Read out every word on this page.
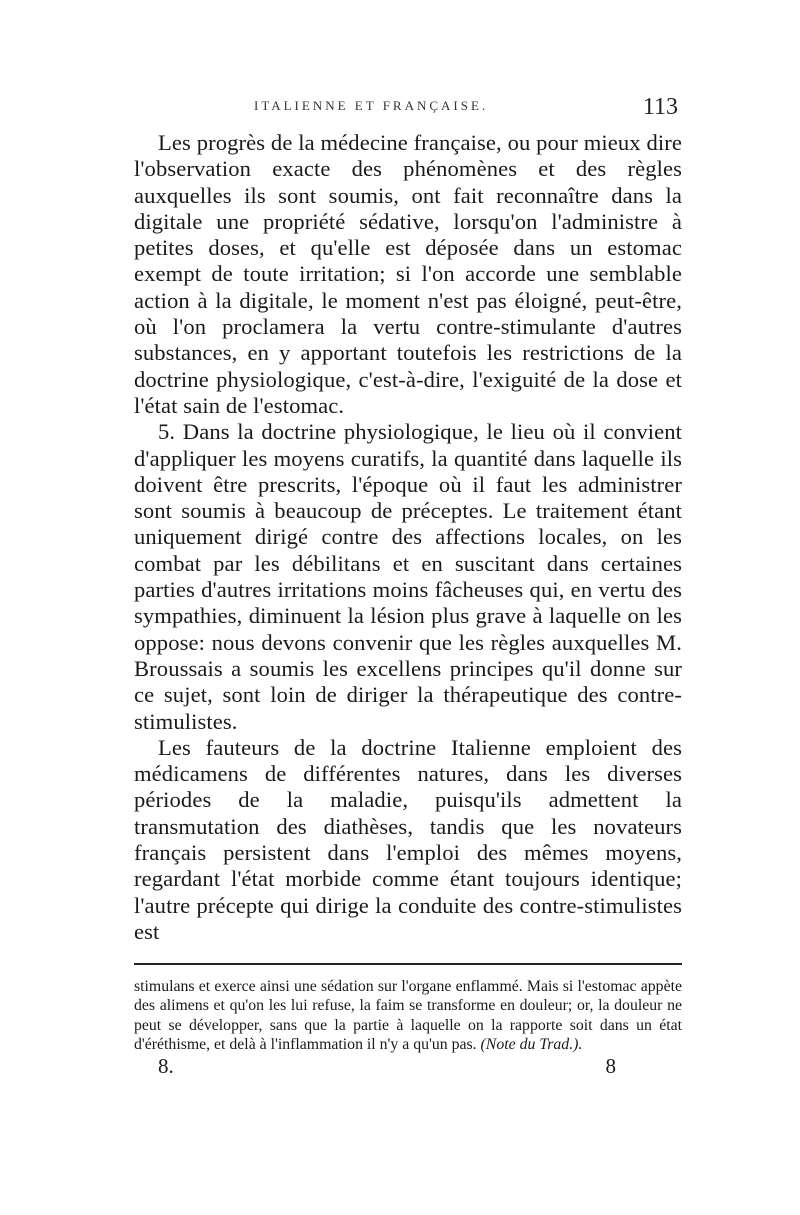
ITALIENNE ET FRANÇAISE.	113

Les progrès de la médecine française, ou pour mieux dire l'observation exacte des phénomènes et des règles auxquelles ils sont soumis, ont fait reconnaître dans la digitale une propriété sédative, lorsqu'on l'administre à petites doses, et qu'elle est déposée dans un estomac exempt de toute irritation; si l'on accorde une semblable action à la digitale, le moment n'est pas éloigné, peut-être, où l'on proclamera la vertu contre-stimulante d'autres substances, en y apportant toutefois les restrictions de la doctrine physiologique, c'est-à-dire, l'exiguité de la dose et l'état sain de l'estomac.

5. Dans la doctrine physiologique, le lieu où il convient d'appliquer les moyens curatifs, la quantité dans laquelle ils doivent être prescrits, l'époque où il faut les administrer sont soumis à beaucoup de préceptes. Le traitement étant uniquement dirigé contre des affections locales, on les combat par les débilitans et en suscitant dans certaines parties d'autres irritations moins fâcheuses qui, en vertu des sympathies, diminuent la lésion plus grave à laquelle on les oppose: nous devons convenir que les règles auxquelles M. Broussais a soumis les excellens principes qu'il donne sur ce sujet, sont loin de diriger la thérapeutique des contre-stimulistes.

Les fauteurs de la doctrine Italienne emploient des médicamens de différentes natures, dans les diverses périodes de la maladie, puisqu'ils admettent la transmutation des diathèses, tandis que les novateurs français persistent dans l'emploi des mêmes moyens, regardant l'état morbide comme étant toujours identique; l'autre précepte qui dirige la conduite des contre-stimulistes est

stimulans et exerce ainsi une sédation sur l'organe enflammé. Mais si l'estomac appète des alimens et qu'on les lui refuse, la faim se transforme en douleur; or, la douleur ne peut se développer, sans que la partie à laquelle on la rapporte soit dans un état d'éréthisme, et delà à l'inflammation il n'y a qu'un pas. (Note du Trad.).

8.	8
